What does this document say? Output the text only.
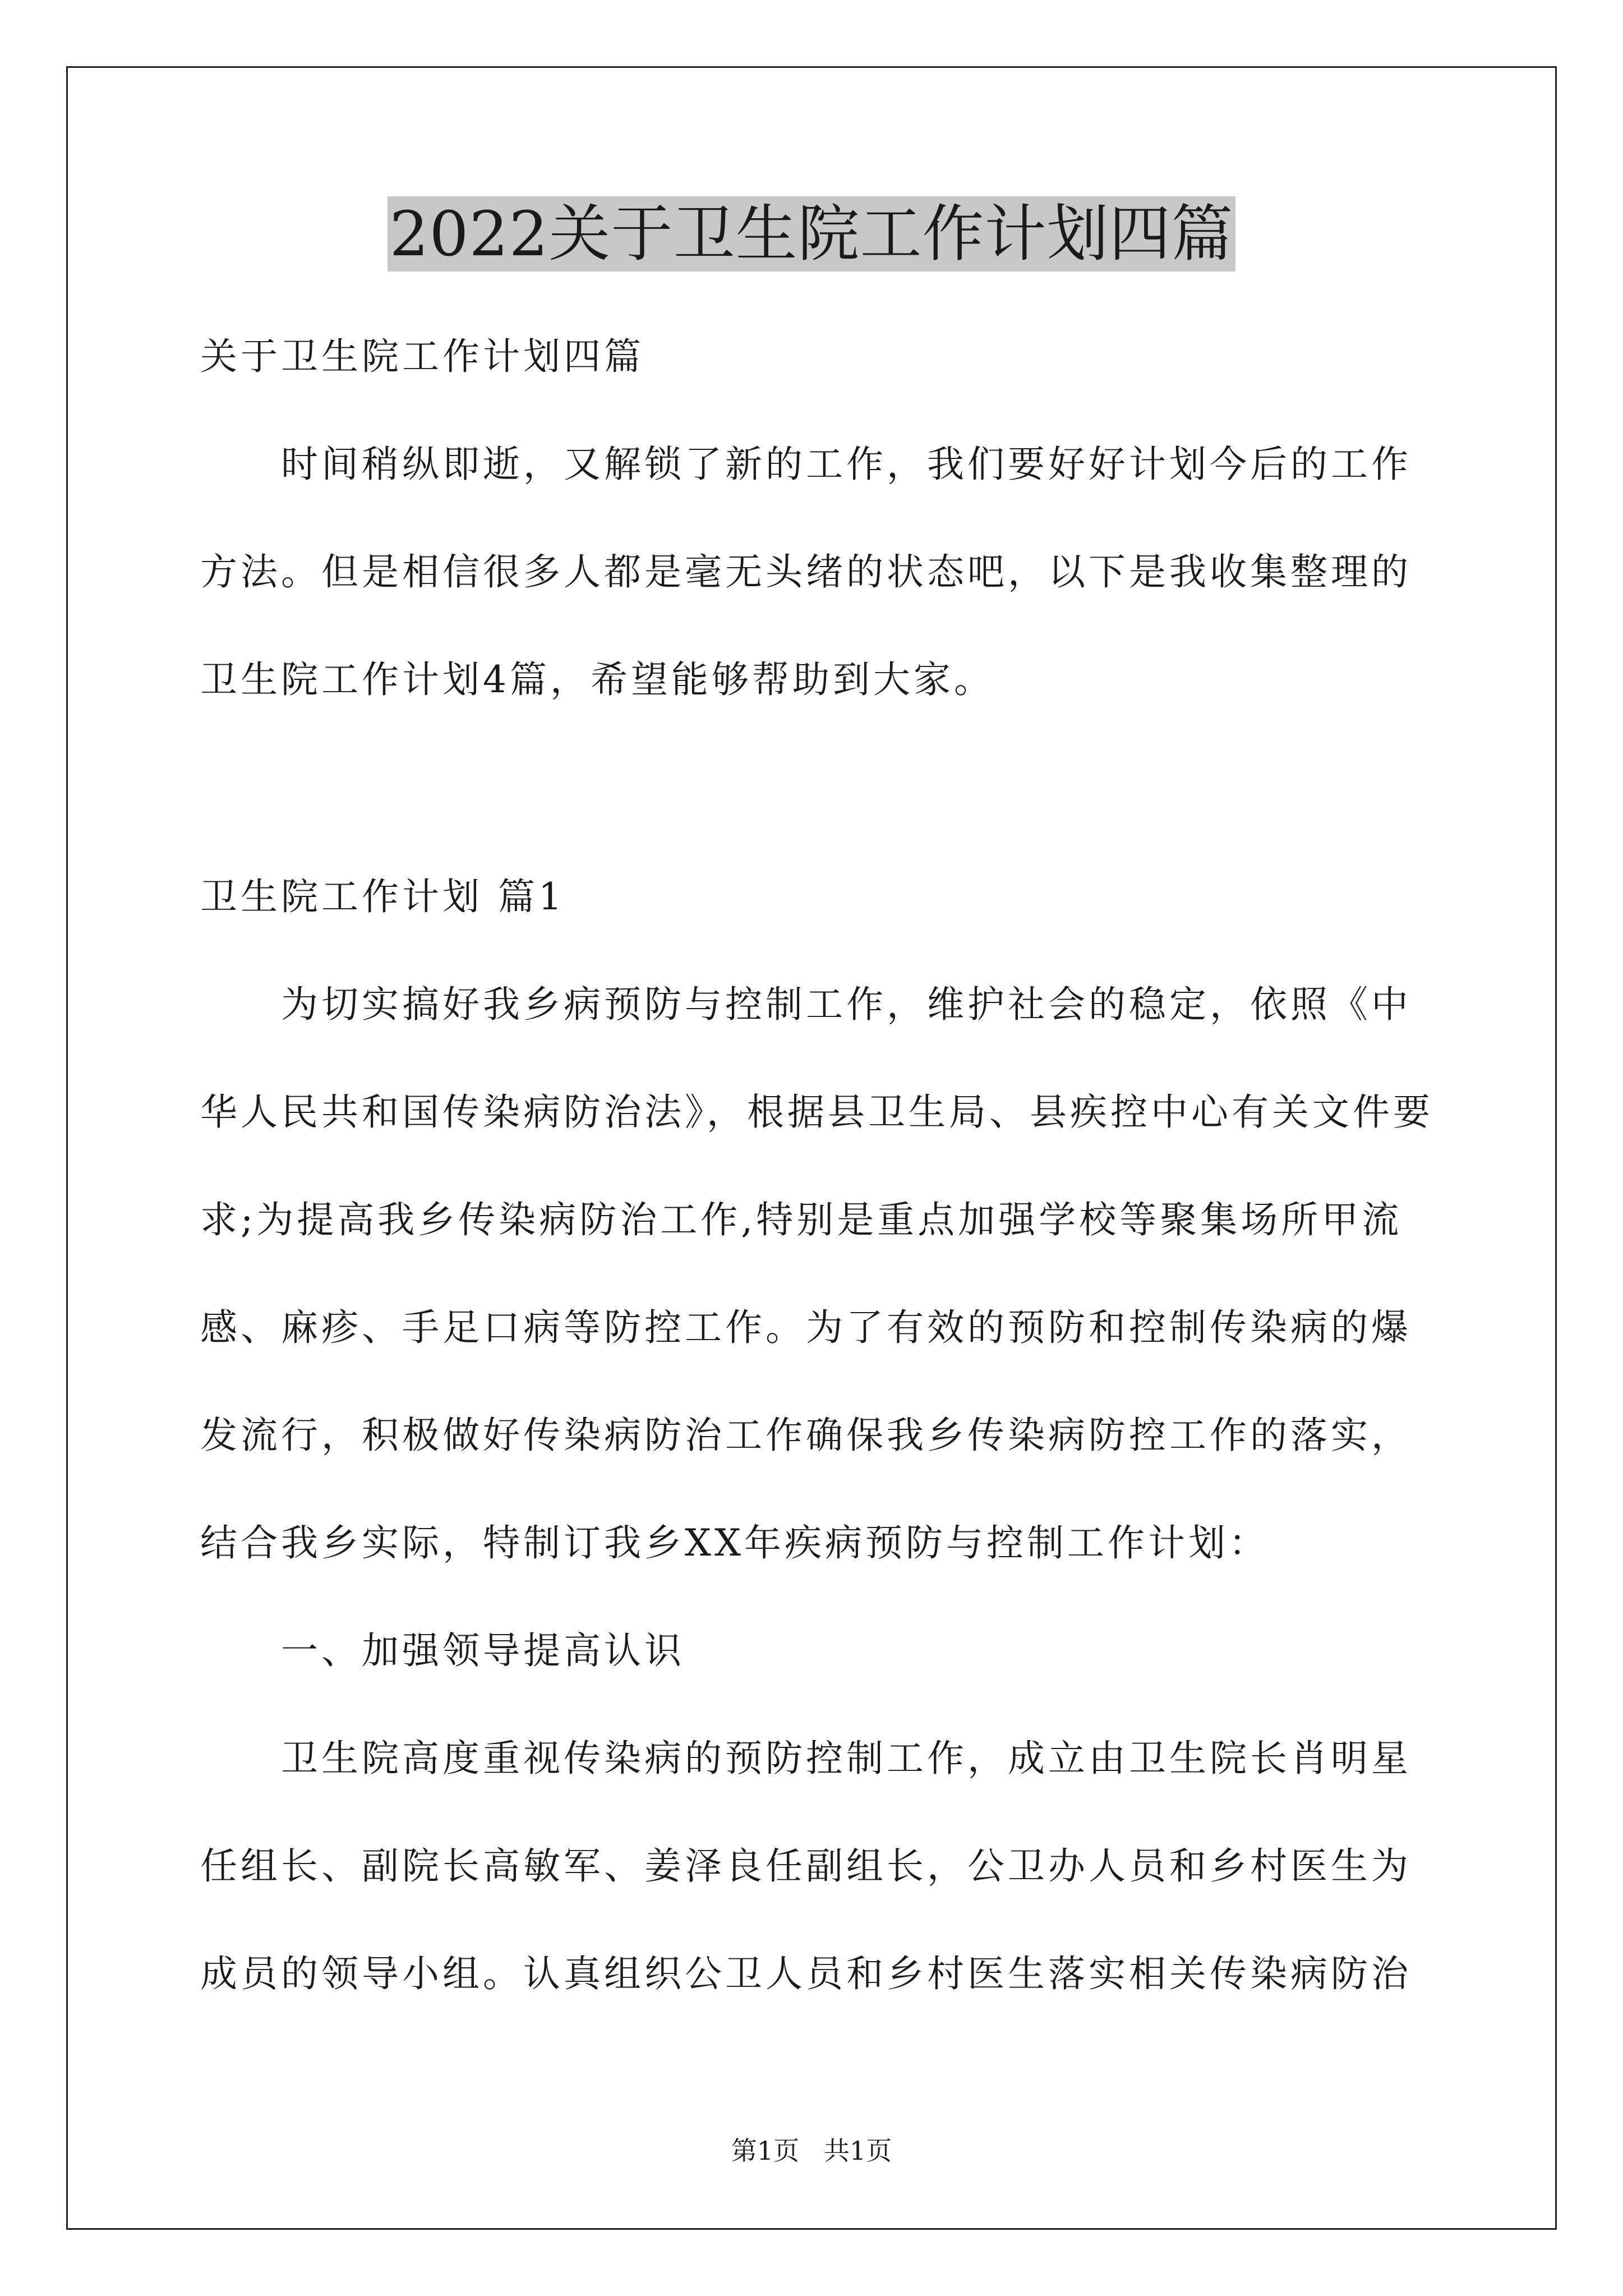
2022关于卫生院工作计划四篇
关于卫生院工作计划四篇
时间稍纵即逝，又解锁了新的工作，我们要好好计划今后的工作
方法。但是相信很多人都是毫无头绪的状态吧，以下是我收集整理的
卫生院工作计划4篇，希望能够帮助到大家。
卫生院工作计划 篇1
为切实搞好我乡病预防与控制工作，维护社会的稳定，依照《中
华人民共和国传染病防治法》，根据县卫生局、县疾控中心有关文件要
求;为提高我乡传染病防治工作,特别是重点加强学校等聚集场所甲流
感、麻疹、手足口病等防控工作。为了有效的预防和控制传染病的爆
发流行，积极做好传染病防治工作确保我乡传染病防控工作的落实，
结合我乡实际，特制订我乡XX年疾病预防与控制工作计划：
一、加强领导提高认识
卫生院高度重视传染病的预防控制工作，成立由卫生院长肖明星
任组长、副院长高敏军、姜泽良任副组长，公卫办人员和乡村医生为
成员的领导小组。认真组织公卫人员和乡村医生落实相关传染病防治
第1页   共1页
